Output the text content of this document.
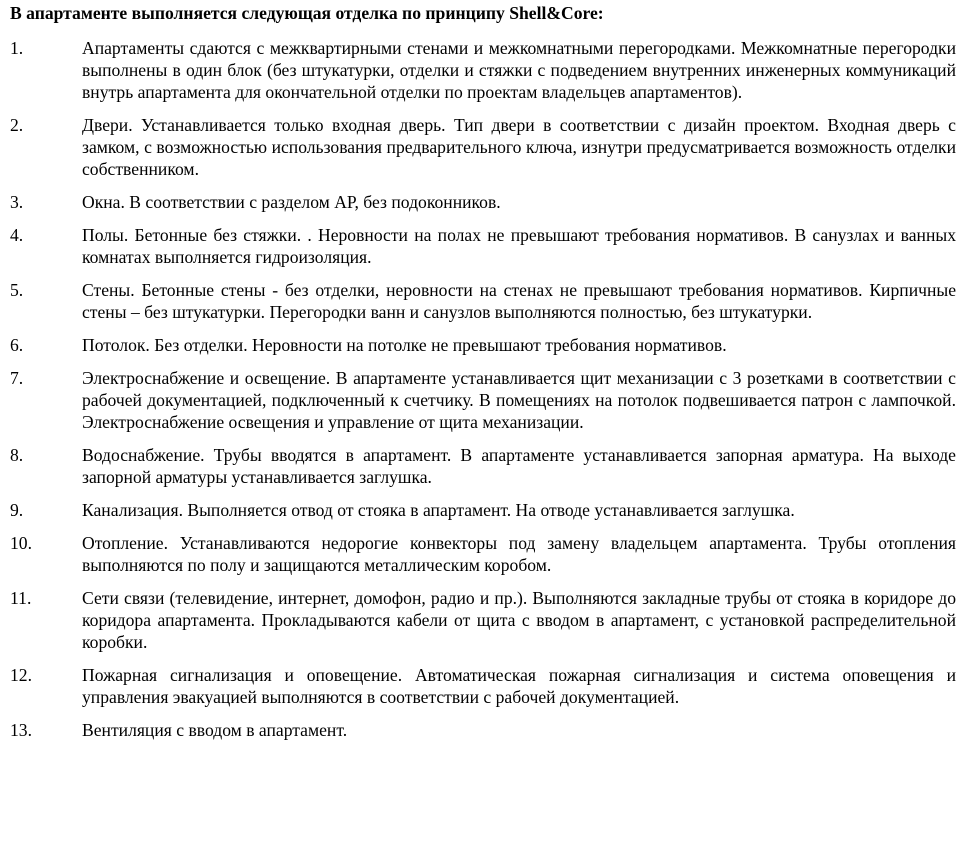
В апартаменте выполняется следующая отделка по принципу Shell&Core:
1.	Апартаменты сдаются с межквартирными стенами и межкомнатными перегородками. Межкомнатные перегородки выполнены в один блок (без штукатурки, отделки и стяжки с подведением внутренних инженерных коммуникаций внутрь апартамента для окончательной отделки по проектам владельцев апартаментов).
2.	Двери. Устанавливается только входная дверь. Тип двери в соответствии с дизайн проектом. Входная дверь с замком, с возможностью использования предварительного ключа, изнутри предусматривается возможность отделки собственником.
3.	Окна. В соответствии с разделом АР, без подоконников.
4.	Полы. Бетонные без стяжки. . Неровности на полах не превышают требования нормативов. В санузлах и ванных комнатах выполняется гидроизоляция.
5.	Стены. Бетонные стены - без отделки, неровности на стенах не превышают требования нормативов. Кирпичные стены – без штукатурки. Перегородки ванн и санузлов выполняются полностью, без штукатурки.
6.	Потолок. Без отделки. Неровности на потолке не превышают требования нормативов.
7.	Электроснабжение и освещение. В апартаменте устанавливается щит механизации с 3 розетками в соответствии с рабочей документацией, подключенный к счетчику. В помещениях на потолок подвешивается патрон с лампочкой. Электроснабжение освещения и управление от щита механизации.
8.	Водоснабжение. Трубы вводятся в апартамент. В апартаменте устанавливается запорная арматура. На выходе запорной арматуры устанавливается заглушка.
9.	Канализация. Выполняется отвод от стояка в апартамент. На отводе устанавливается заглушка.
10.	Отопление. Устанавливаются недорогие конвекторы под замену владельцем апартамента. Трубы отопления выполняются по полу и защищаются металлическим коробом.
11.	Сети связи (телевидение, интернет, домофон, радио и пр.). Выполняются закладные трубы от стояка в коридоре до коридора апартамента. Прокладываются кабели от щита с вводом в апартамент, с установкой распределительной коробки.
12.	Пожарная сигнализация и оповещение. Автоматическая пожарная сигнализация и система оповещения и управления эвакуацией выполняются в соответствии с рабочей документацией.
13.	Вентиляция с вводом в апартамент.
